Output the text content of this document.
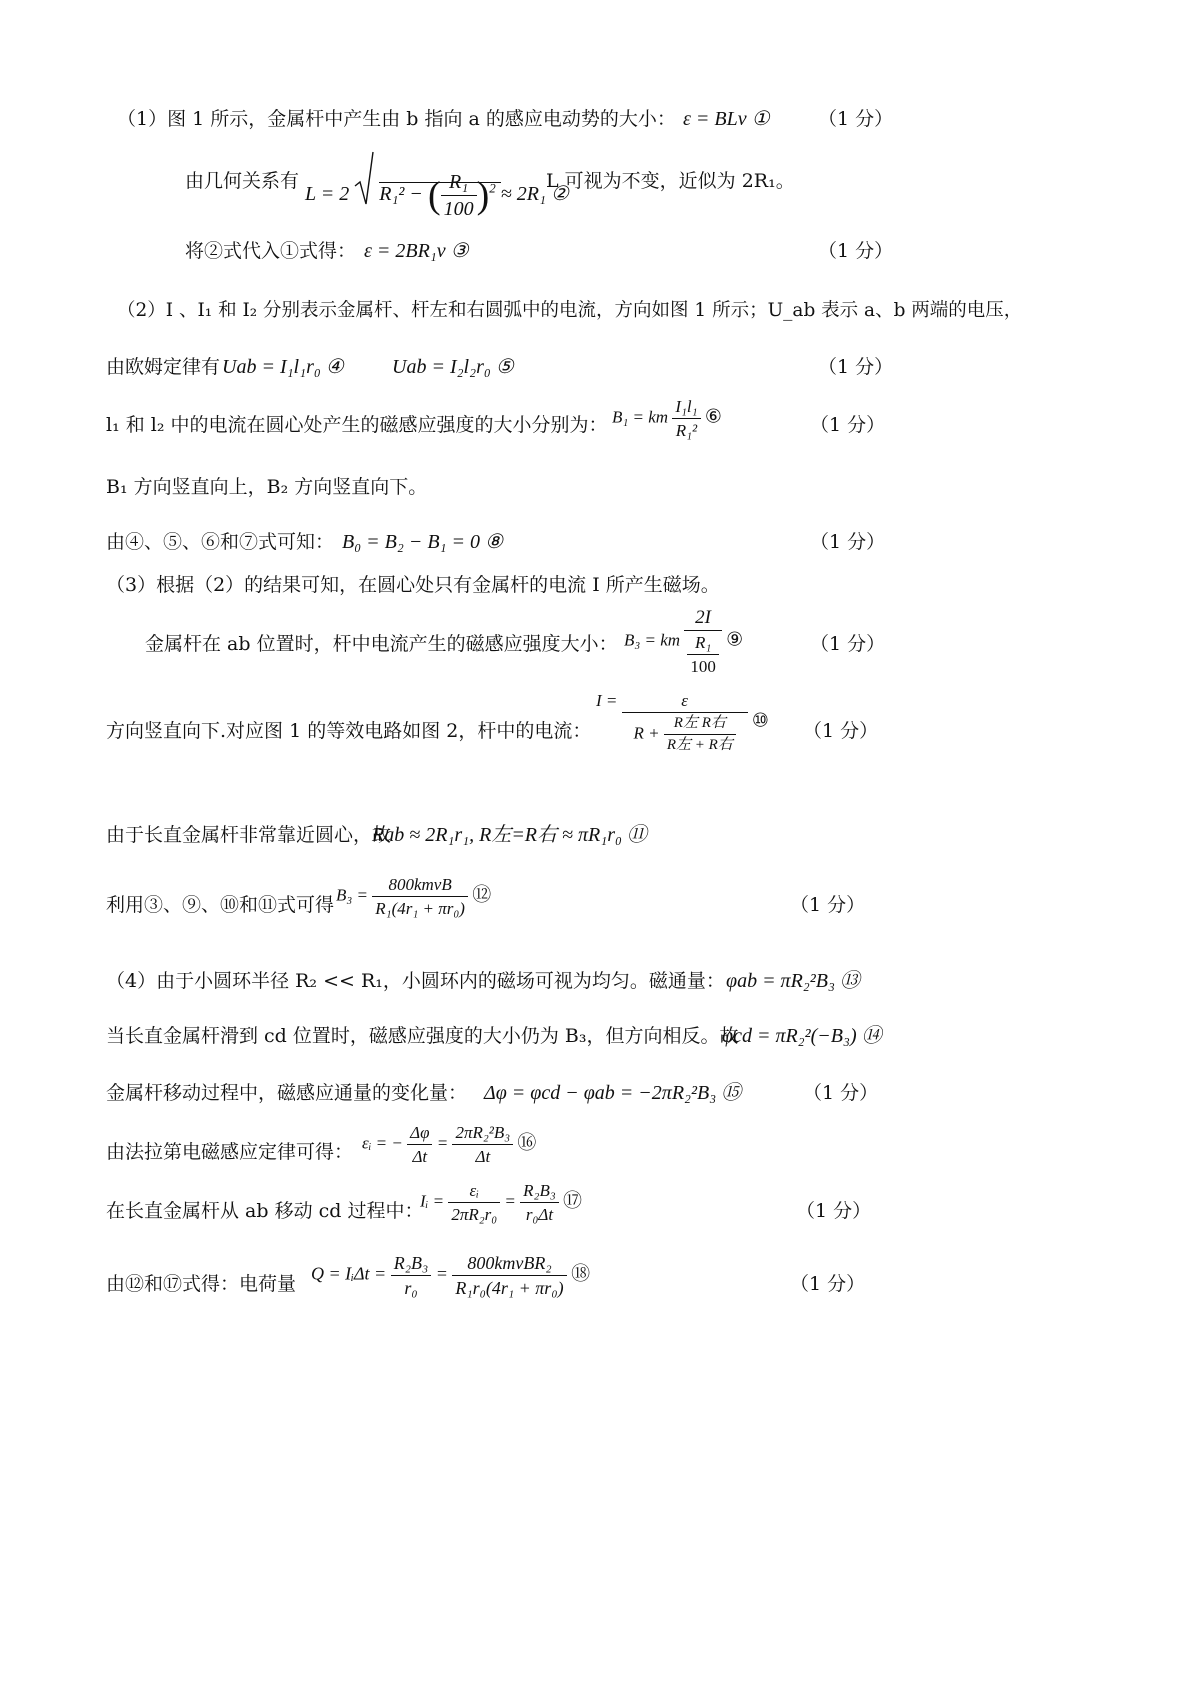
（1）图 1 所示，金属杆中产生由 b 指向 a 的感应电动势的大小： ε = BLv ①	（1 分）
由几何关系有
L = 2 R₁² − ( $\frac{\text{R₁}}{100} )^2 \approx 2R_1$ ②
L 可视为不变，近似为 2R₁。
将②式代入①式得： ε = 2BR₁v ③	（1 分）
（2）I 、I₁ 和 I₂ 分别表示金属杆、杆左和右圆弧中的电流，方向如图 1 所示；U_ab 表示 a、b 两端的电压，
由欧姆定律有 Uab = I₁l₁r₀ ④ Uab = I₂l₂r₀ ⑤	（1 分）
l₁ 和 l₂ 中的电流在圆心处产生的磁感应强度的大小分别为： B₁ = km $\frac{\text{I₁l₁}}{\text{R₁²}}$ ⑥	（1 分）
B₁ 方向竖直向上，B₂ 方向竖直向下。
由④、⑤、⑥和⑦式可知： B₀ = B₂ − B₁ = 0 ⑧	（1 分）
（3）根据（2）的结果可知，在圆心处只有金属杆的电流 I 所产生磁场。
金属杆在 ab 位置时，杆中电流产生的磁感应强度大小： B₃ = km $\frac{2I}{\frac{\text{R₁}}{100}}$ ⑨	（1 分）
方向竖直向下.对应图 1 的等效电路如图 2，杆中的电流：
$I = \frac{\varepsilon}{R + \frac{\text{R左 R右}}{\text{R左 + R右}}}$ ⑩ （1 分）
由于长直金属杆非常靠近圆心，故
Rab ≈ 2R₁r₁, R左=R右 ≈ πR₁r₀ ⑪
利用③、⑨、⑩和⑪式可得 $B_3 = \frac{\text{800kmvB}}{\text{R₁(4r₁ + πr₀)}}$ ⑫	（1 分）
（4）由于小圆环半径 R₂ << R₁，小圆环内的磁场可视为均匀。磁通量： φab = πR₂²B₃ ⑬
当长直金属杆滑到 cd 位置时，磁感应强度的大小仍为 B₃，但方向相反。故
φcd = πR₂²(−B₃) ⑭
金属杆移动过程中，磁感应通量的变化量： Δφ = φcd − φab = −2πR₂²B₃ ⑮	（1 分）
由法拉第电磁感应定律可得： εᵢ = − $\frac{\Delta\varphi}{\Delta t} = \frac{\text{2πR₂²B₃}}{\Delta t}$ ⑯
在长直金属杆从 ab 移动 cd 过程中：
Iᵢ = $\frac{\text{εᵢ}}{\text{2πR₂r₀}} = \frac{\text{R₂B₃}}{\text{r₀Δt}}$ ⑰	（1 分）
由⑫和⑰式得：电荷量 Q = IᵢΔt = $\frac{\text{R₂B₃}}{\text{r₀}} = \frac{\text{800kmvBR₂}}{\text{R₁r₀(4r₁ + πr₀)}}$ ⑱	（1 分）
